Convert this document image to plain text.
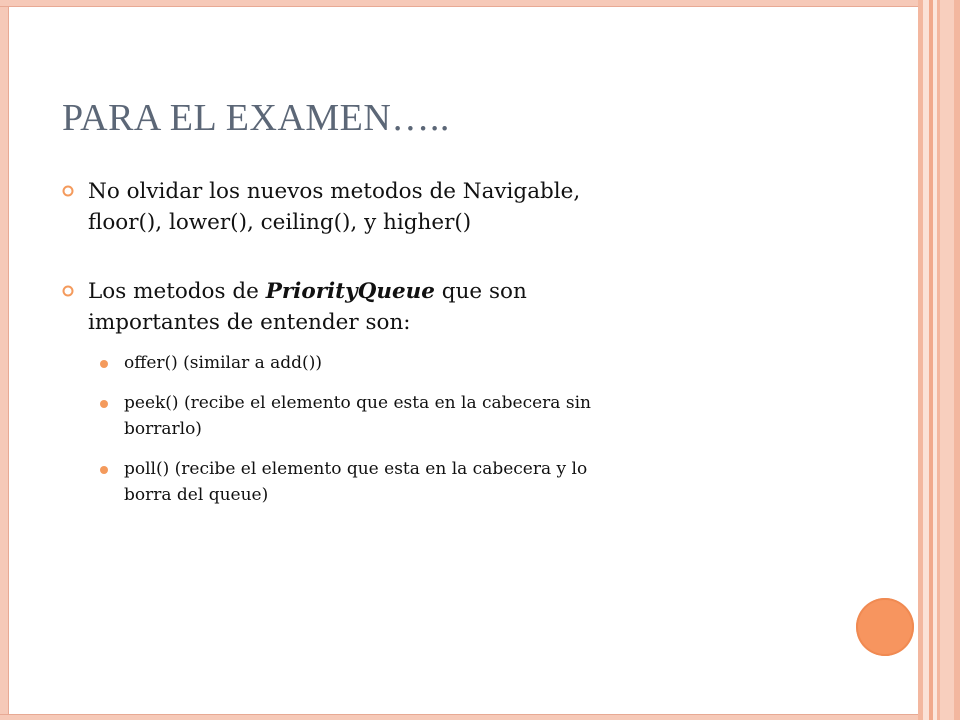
PARA EL EXAMEN…..
No olvidar los nuevos metodos de Navigable,
floor(), lower(), ceiling(), y higher()
Los metodos de PriorityQueue que son
importantes de entender son:
offer() (similar a add())
peek() (recibe el elemento que esta en la cabecera sin
borrarlo)
poll() (recibe el elemento que esta en la cabecera y lo
borra del queue)
